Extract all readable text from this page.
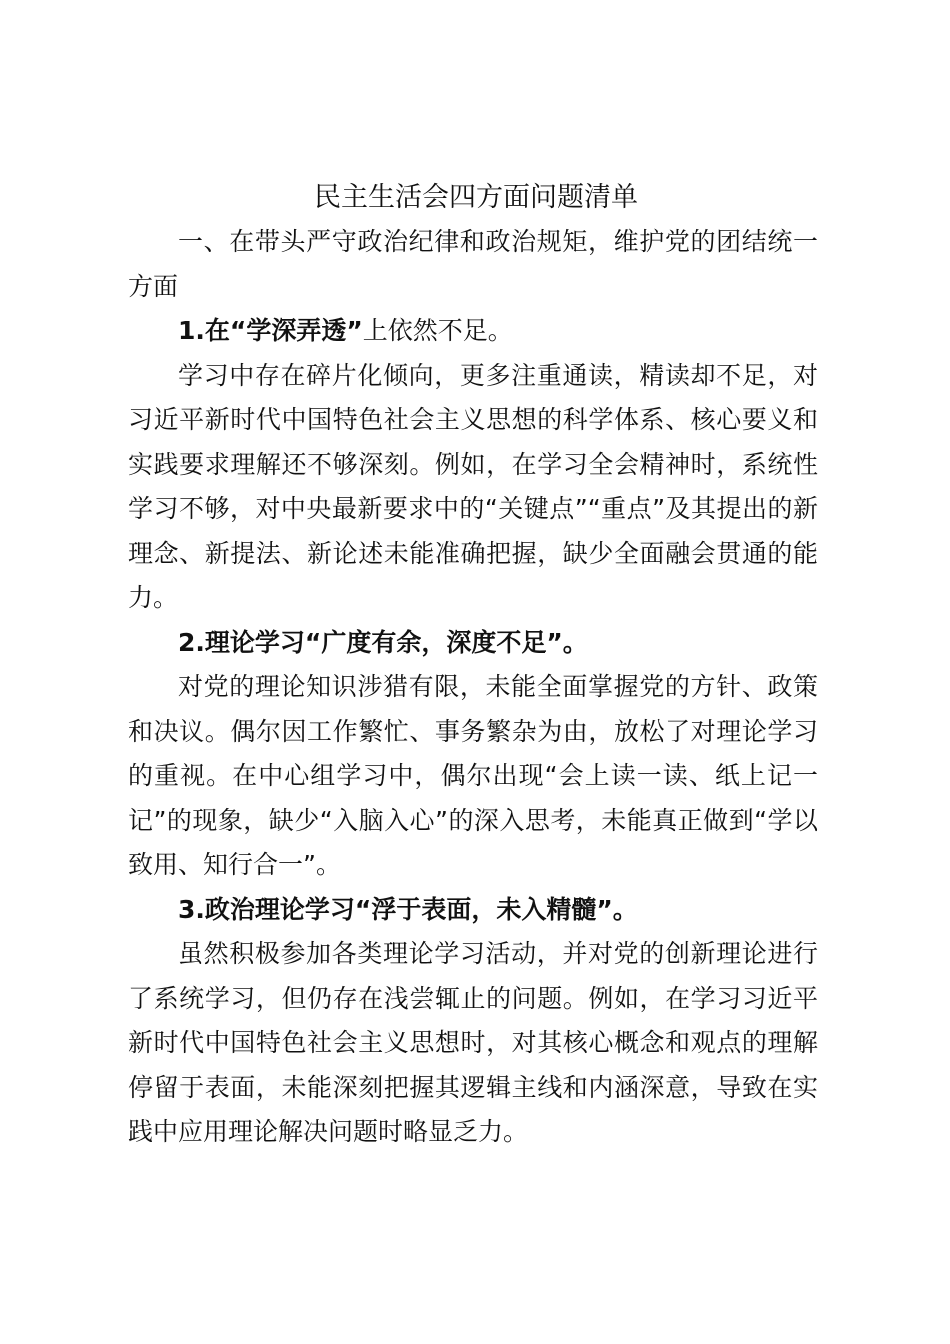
民主生活会四方面问题清单

一、在带头严守政治纪律和政治规矩，维护党的团结统一方面

1.在“学深弄透”上依然不足。

学习中存在碎片化倾向，更多注重通读，精读却不足，对习近平新时代中国特色社会主义思想的科学体系、核心要义和实践要求理解还不够深刻。例如，在学习全会精神时，系统性学习不够，对中央最新要求中的“关键点”“重点”及其提出的新理念、新提法、新论述未能准确把握，缺少全面融会贯通的能力。

2.理论学习“广度有余，深度不足”。

对党的理论知识涉猎有限，未能全面掌握党的方针、政策和决议。偶尔因工作繁忙、事务繁杂为由，放松了对理论学习的重视。在中心组学习中，偶尔出现“会上读一读、纸上记一记”的现象，缺少“入脑入心”的深入思考，未能真正做到“学以致用、知行合一”。

3.政治理论学习“浮于表面，未入精髓”。

虽然积极参加各类理论学习活动，并对党的创新理论进行了系统学习，但仍存在浅尝辄止的问题。例如，在学习习近平新时代中国特色社会主义思想时，对其核心概念和观点的理解停留于表面，未能深刻把握其逻辑主线和内涵深意，导致在实践中应用理论解决问题时略显乏力。
